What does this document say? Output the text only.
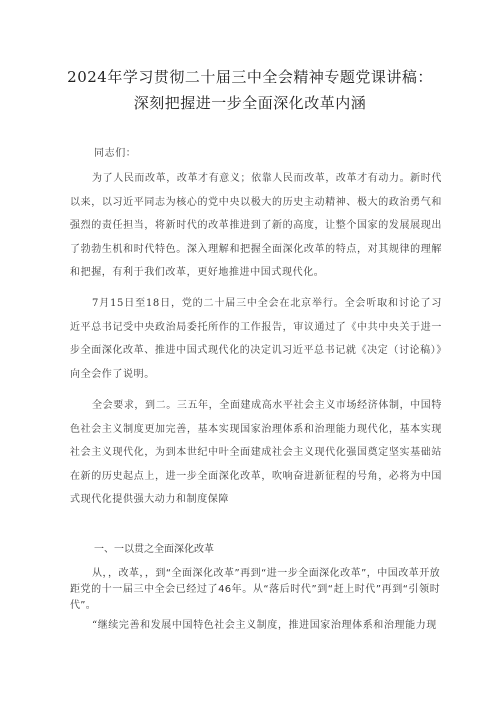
2024年学习贯彻二十届三中全会精神专题党课讲稿：
深刻把握进一步全面深化改革内涵
同志们：
为了人民而改革，改革才有意义；依靠人民而改革，改革才有动力。新时代以来，以习近平同志为核心的党中央以极大的历史主动精神、极大的政治勇气和强烈的责任担当，将新时代的改革推进到了新的高度，让整个国家的发展展现出了勃勃生机和时代特色。深入理解和把握全面深化改革的特点，对其规律的理解和把握，有利于我们改革，更好地推进中国式现代化。
7月15日至18日，党的二十届三中全会在北京举行。全会听取和讨论了习近平总书记受中央政治局委托所作的工作报告，审议通过了《中共中央关于进一步全面深化改革、推进中国式现代化的决定讥习近平总书记就《决定（讨论稿）》向全会作了说明。
全会要求，到二。三五年，全面建成高水平社会主义市场经济体制，中国特色社会主义制度更加完善，基本实现国家治理体系和治理能力现代化，基本实现社会主义现代化，为到本世纪中叶全面建成社会主义现代化强国奠定坚实基础站在新的历史起点上，进一步全面深化改革，吹响奋进新征程的号角，必将为中国式现代化提供强大动力和制度保障
一、一以贯之全面深化改革
从，，改革，，到“全面深化改革”再到“进一步全面深化改革”，中国改革开放距党的十一届三中全会已经过了46年。从“落后时代”到“赶上时代”再到“引领时代”。
“继续完善和发展中国特色社会主义制度，推进国家治理体系和治理能力现
